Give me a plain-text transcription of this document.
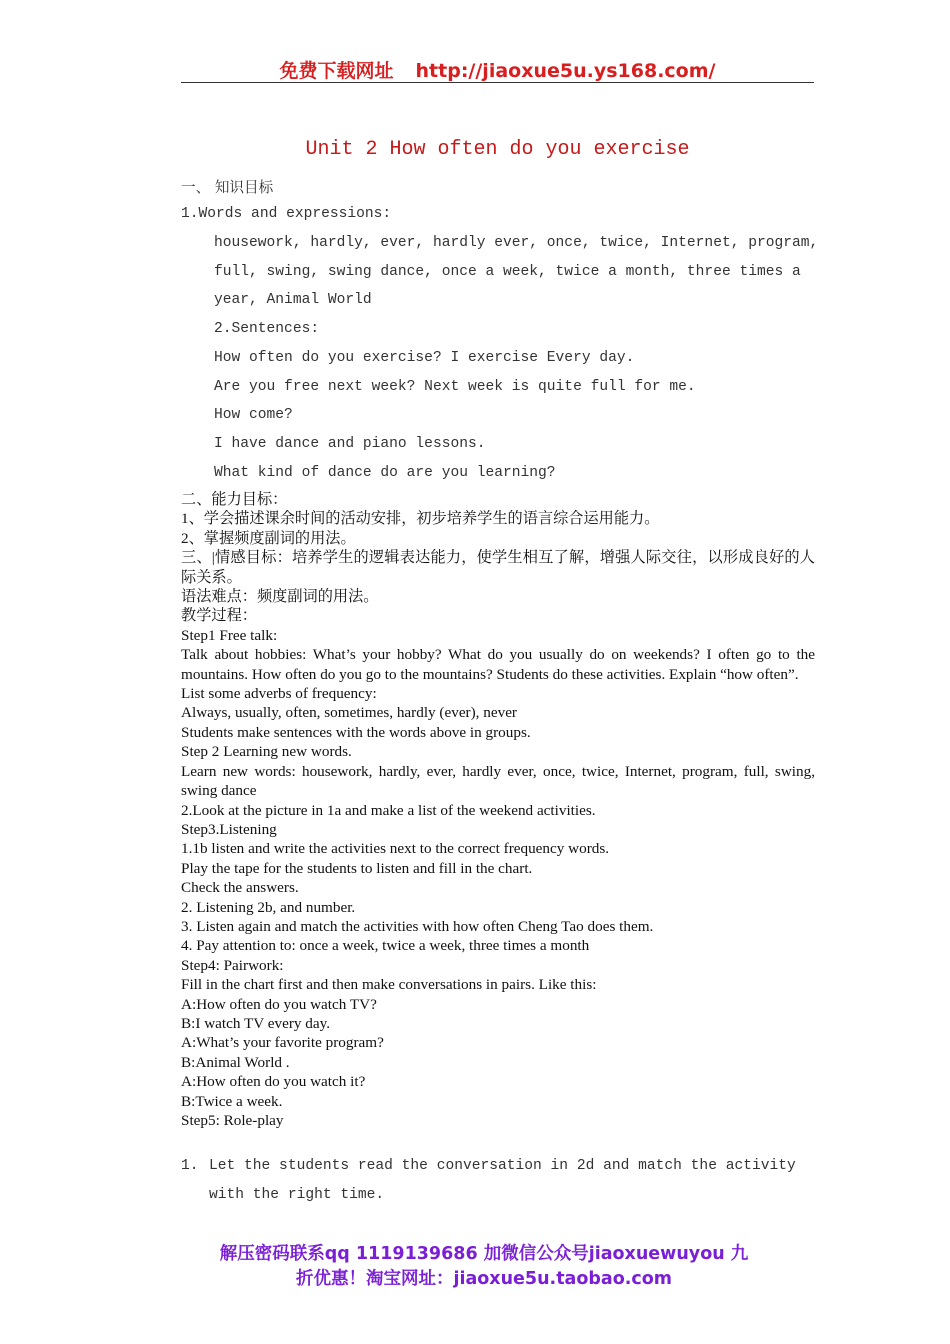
免费下载网址 http://jiaoxue5u.ys168.com/
Unit 2 How often do you exercise
一、 知识目标
1.Words and expressions:
housework, hardly, ever, hardly ever, once, twice, Internet, program,
full, swing, swing dance, once a week, twice a month, three times a
year, Animal World
2.Sentences:
How often do you exercise? I exercise Every day.
Are you free next week? Next week is quite full for me.
How come?
I have dance and piano lessons.
What kind of dance do are you learning?
二、能力目标：
1、学会描述课余时间的活动安排，初步培养学生的语言综合运用能力。
2、掌握频度副词的用法。
三、|情感目标：培养学生的逻辑表达能力，使学生相互了解，增强人际交往，以形成良好的人际关系。
语法难点：频度副词的用法。
教学过程：
Step1 Free talk:
Talk about hobbies: What’s your hobby? What do you usually do on weekends? I often go to the mountains. How often do you go to the mountains? Students do these activities. Explain “how often”.
List some adverbs of frequency:
Always, usually, often, sometimes, hardly (ever), never
Students make sentences with the words above in groups.
Step 2 Learning new words.
Learn new words: housework, hardly, ever, hardly ever, once, twice, Internet, program, full, swing, swing dance
2.Look at the picture in 1a and make a list of the weekend activities.
Step3.Listening
1.1b listen and write the activities next to the correct frequency words.
Play the tape for the students to listen and fill in the chart.
Check the answers.
2. Listening 2b, and number.
3. Listen again and match the activities with how often Cheng Tao does them.
4. Pay attention to: once a week, twice a week, three times a month
Step4: Pairwork:
Fill in the chart first and then make conversations in pairs. Like this:
A:How often do you watch TV?
B:I watch TV every day.
A:What’s your favorite program?
B:Animal World .
A:How often do you watch it?
B:Twice a week.
Step5: Role-play
1. Let the students read the conversation in 2d and match the activity
with the right time.
解压密码联系qq 1119139686 加微信公众号jiaoxuewuyou 九
折优惠！淘宝网址：jiaoxue5u.taobao.com
